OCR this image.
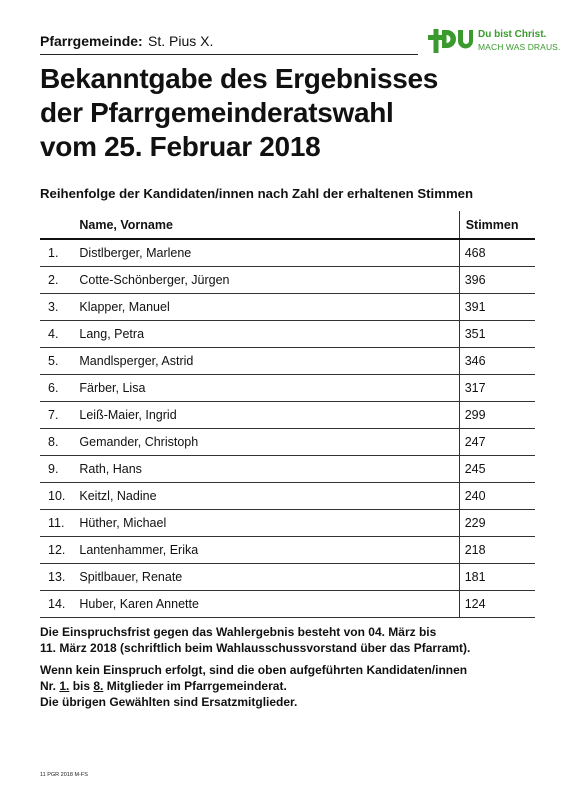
Pfarrgemeinde: St. Pius X.	Du bist Christ.
MACH WAS DRAUS.
Bekanntgabe des Ergebnisses
der Pfarrgemeinderatswahl
vom 25. Februar 2018
Reihenfolge der Kandidaten/innen nach Zahl der erhaltenen Stimmen
	Name, Vorname	Stimmen
1.	Distlberger, Marlene	468
2.	Cotte-Schönberger, Jürgen	396
3.	Klapper, Manuel	391
4.	Lang, Petra	351
5.	Mandlsperger, Astrid	346
6.	Färber, Lisa	317
7.	Leiß-Maier, Ingrid	299
8.	Gemander, Christoph	247
9.	Rath, Hans	245
10.	Keitzl, Nadine	240
11.	Hüther, Michael	229
12.	Lantenhammer, Erika	218
13.	Spitlbauer, Renate	181
14.	Huber, Karen Annette	124

Die Einspruchsfrist gegen das Wahlergebnis besteht von 04. März bis
11. März 2018 (schriftlich beim Wahlausschussvorstand über das Pfarramt).

Wenn kein Einspruch erfolgt, sind die oben aufgeführten Kandidaten/innen
Nr. 1. bis 8. Mitglieder im Pfarrgemeinderat.
Die übrigen Gewählten sind Ersatzmitglieder.

11 PGR 2018 M-FS
